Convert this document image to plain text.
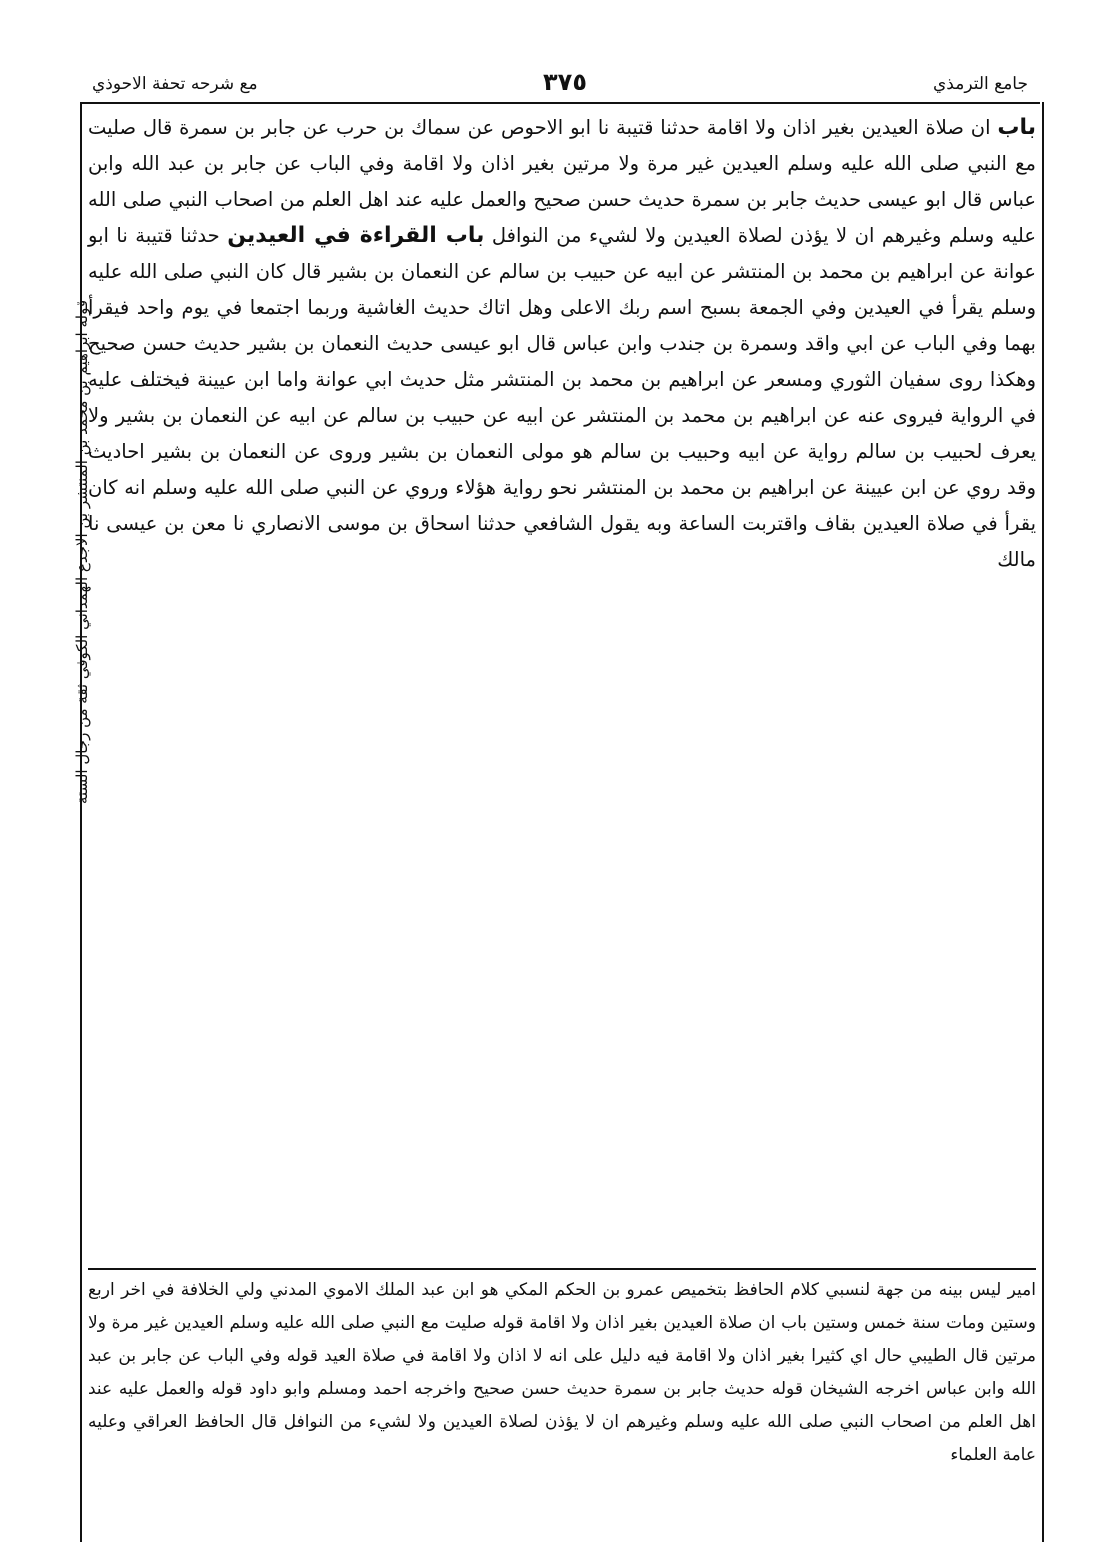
جامع الترمذي
٣٧٥
مع شرحه تحفة الاحوذي
باب ان صلاة العيدين بغير اذان ولا اقامة حدثنا قتيبة نا ابو الاحوص عن سماك بن حرب عن جابر بن سمرة قال صليت مع النبي صلى الله عليه وسلم العيدين غير مرة ولا مرتين بغير اذان ولا اقامة وفي الباب عن جابر بن عبد الله وابن عباس قال ابو عيسى حديث جابر بن سمرة حديث حسن صحيح والعمل عليه عند اهل العلم من اصحاب النبي صلى الله عليه وسلم وغيرهم ان لا يؤذن لصلاة العيدين ولا لشيء من النوافل باب القراءة في العيدين حدثنا قتيبة نا ابو عوانة عن ابراهيم بن محمد بن المنتشر عن ابيه عن حبيب بن سالم عن النعمان بن بشير قال كان النبي صلى الله عليه وسلم يقرأ في العيدين وفي الجمعة بسبح اسم ربك الاعلى وهل اتاك حديث الغاشية وربما اجتمعا في يوم واحد فيقرأ بهما وفي الباب عن ابي واقد وسمرة بن جندب وابن عباس قال ابو عيسى حديث النعمان بن بشير حديث حسن صحيح وهكذا روى سفيان الثوري ومسعر عن ابراهيم بن محمد بن المنتشر مثل حديث ابي عوانة واما ابن عيينة فيختلف عليه في الرواية فيروى عنه عن ابراهيم بن محمد بن المنتشر عن ابيه عن حبيب بن سالم عن ابيه عن النعمان بن بشير ولا يعرف لحبيب بن سالم رواية عن ابيه وحبيب بن سالم هو مولى النعمان بن بشير وروى عن النعمان بن بشير احاديث وقد روي عن ابن عيينة عن ابراهيم بن محمد بن المنتشر نحو رواية هؤلاء وروي عن النبي صلى الله عليه وسلم انه كان يقرأ في صلاة العيدين بقاف واقتربت الساعة وبه يقول الشافعي حدثنا اسحاق بن موسى الانصاري نا معن بن عيسى نا مالك
امير ليس بينه من جهة لنسبي كلام الحافظ بتخميص عمرو بن الحكم المكي هو ابن عبد الملك الاموي المدني ولي الخلافة في اخر اربع وستين ومات سنة خمس وستين باب ان صلاة العيدين بغير اذان ولا اقامة قوله صليت مع النبي صلى الله عليه وسلم العيدين غير مرة ولا مرتين قال الطيبي حال اي كثيرا بغير اذان ولا اقامة فيه دليل على انه لا اذان ولا اقامة في صلاة العيد قوله وفي الباب عن جابر بن عبد الله وابن عباس اخرجه الشيخان قوله حديث جابر بن سمرة حديث حسن صحيح واخرجه احمد ومسلم وابو داود قوله والعمل عليه عند اهل العلم من اصحاب النبي صلى الله عليه وسلم وغيرهم ان لا يؤذن لصلاة العيدين ولا لشيء من النوافل قال الحافظ العراقي وعليه عامة العلماء
قوله ابراهيم بن محمد بن المنتشر بن الاجدع الهمداني الكوفي ثقة من رجال الستة
